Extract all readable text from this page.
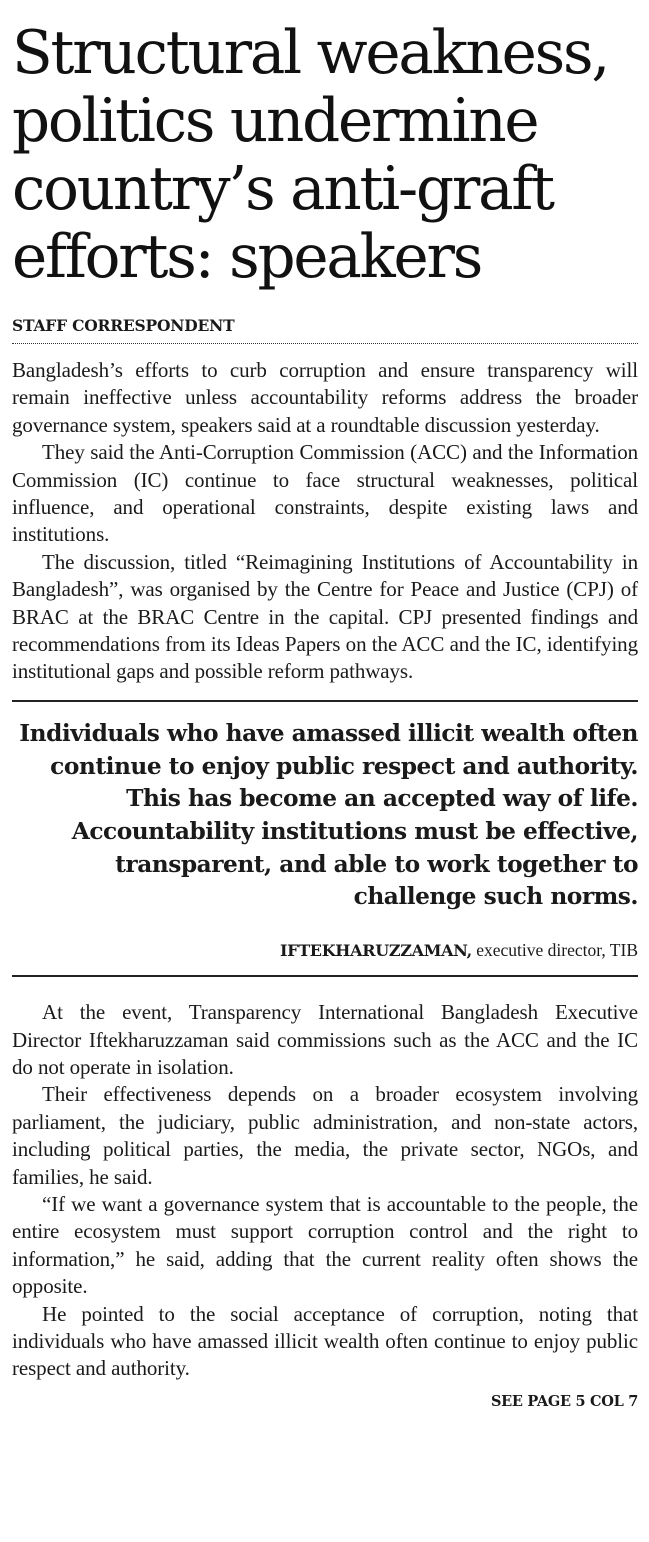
Structural weakness,
politics undermine
country’s anti-graft
efforts: speakers
STAFF CORRESPONDENT

Bangladesh’s efforts to curb corruption and ensure transparency will remain ineffective unless accountability reforms address the broader governance system, speakers said at a roundtable discussion yesterday.

They said the Anti-Corruption Commission (ACC) and the Information Commission (IC) continue to face structural weaknesses, political influence, and operational constraints, despite existing laws and institutions.

The discussion, titled “Reimagining Institutions of Accountability in Bangladesh”, was organised by the Centre for Peace and Justice (CPJ) of BRAC at the BRAC Centre in the capital. CPJ presented findings and recommendations from its Ideas Papers on the ACC and the IC, identifying institutional gaps and possible reform pathways.

Individuals who have amassed illicit wealth often continue to enjoy public respect and authority. This has become an accepted way of life. Accountability institutions must be effective, transparent, and able to work together to challenge such norms.

IFTEKHARUZZAMAN, executive director, TIB

At the event, Transparency International Bangladesh Executive Director Iftekharuzzaman said commissions such as the ACC and the IC do not operate in isolation.

Their effectiveness depends on a broader ecosystem involving parliament, the judiciary, public administration, and non-state actors, including political parties, the media, the private sector, NGOs, and families, he said.

“If we want a governance system that is accountable to the people, the entire ecosystem must support corruption control and the right to information,” he said, adding that the current reality often shows the opposite.

He pointed to the social acceptance of corruption, noting that individuals who have amassed illicit wealth often continue to enjoy public respect and authority.

SEE PAGE 5 COL 7
